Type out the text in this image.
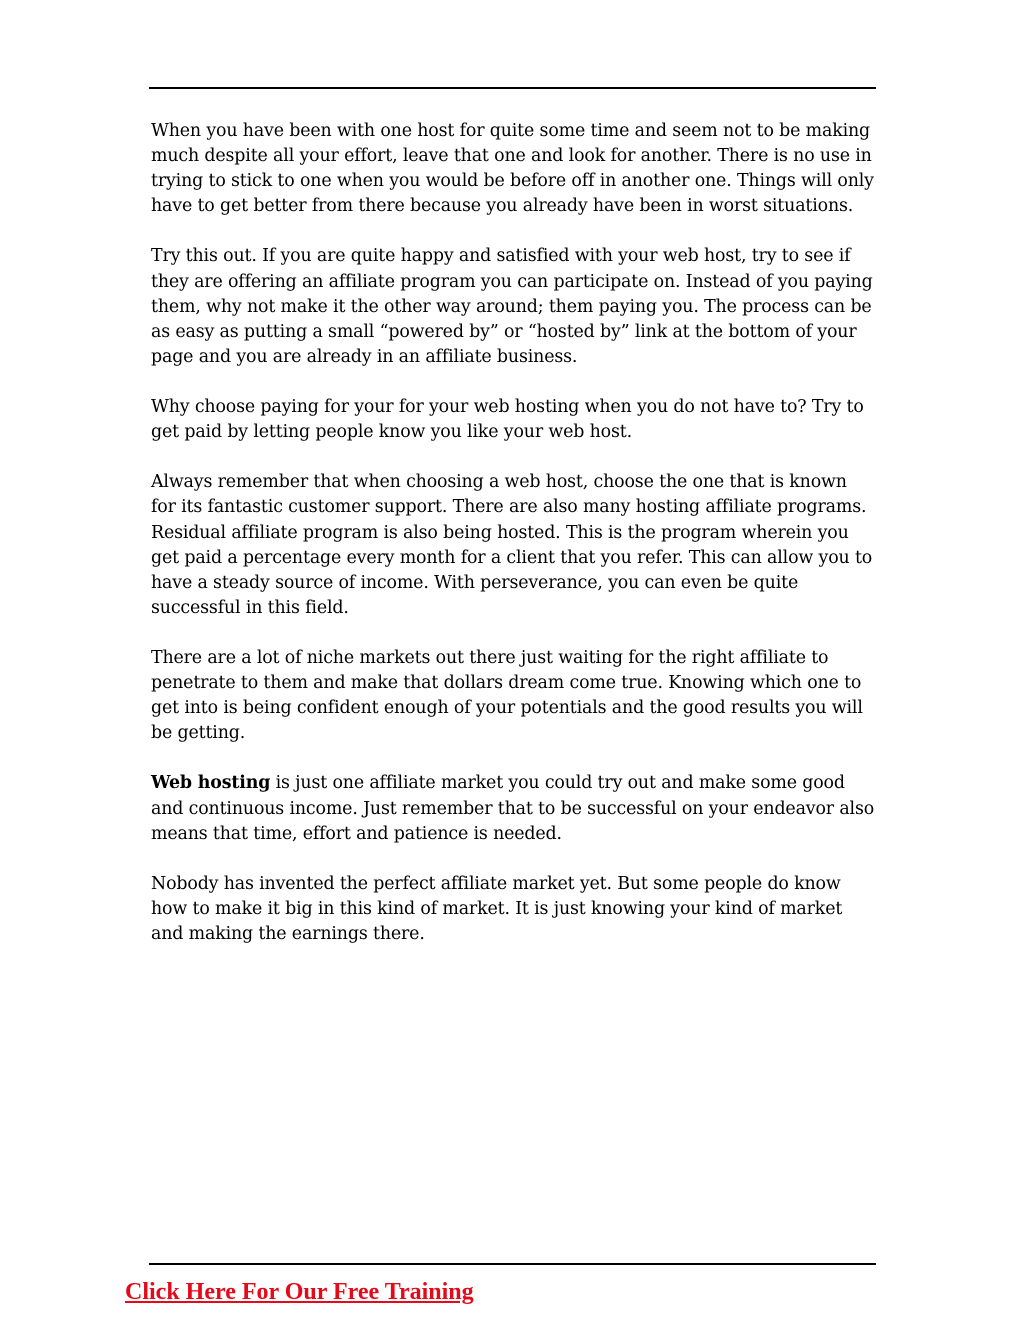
When you have been with one host for quite some time and seem not to be making much despite all your effort, leave that one and look for another. There is no use in trying to stick to one when you would be before off in another one. Things will only have to get better from there because you already have been in worst situations.

Try this out. If you are quite happy and satisfied with your web host, try to see if they are offering an affiliate program you can participate on. Instead of you paying them, why not make it the other way around; them paying you. The process can be as easy as putting a small “powered by” or “hosted by” link at the bottom of your page and you are already in an affiliate business.

Why choose paying for your for your web hosting when you do not have to? Try to get paid by letting people know you like your web host.

Always remember that when choosing a web host, choose the one that is known for its fantastic customer support. There are also many hosting affiliate programs. Residual affiliate program is also being hosted. This is the program wherein you get paid a percentage every month for a client that you refer. This can allow you to have a steady source of income. With perseverance, you can even be quite successful in this field.

There are a lot of niche markets out there just waiting for the right affiliate to penetrate to them and make that dollars dream come true. Knowing which one to get into is being confident enough of your potentials and the good results you will be getting.

Web hosting is just one affiliate market you could try out and make some good and continuous income. Just remember that to be successful on your endeavor also means that time, effort and patience is needed.

Nobody has invented the perfect affiliate market yet. But some people do know how to make it big in this kind of market. It is just knowing your kind of market and making the earnings there.

Click Here For Our Free Training
